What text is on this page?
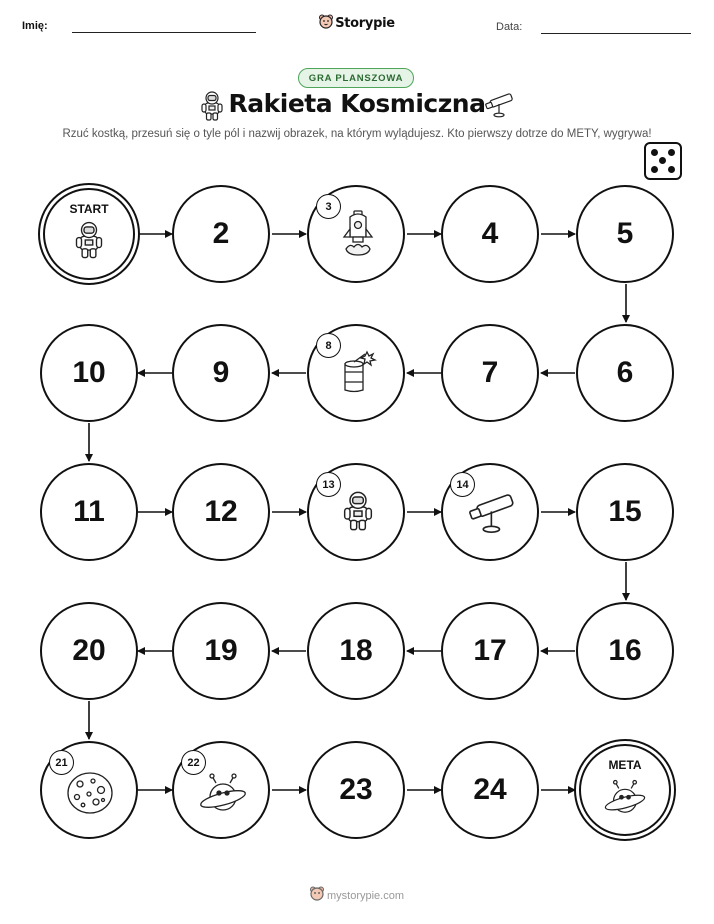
Imię:	Storypie	Data:
GRA PLANSZOWA
Rakieta Kosmiczna
Rzuć kostką, przesuń się o tyle pól i nazwij obrazek, na którym wylądujesz. Kto pierwszy dotrze do METY, wygrywa!
START
2
3
4	5
6
7
8
9
10
11	12
13	14
15
16
17
18
19
20
21	22
23	24
META
mystorypie.com
